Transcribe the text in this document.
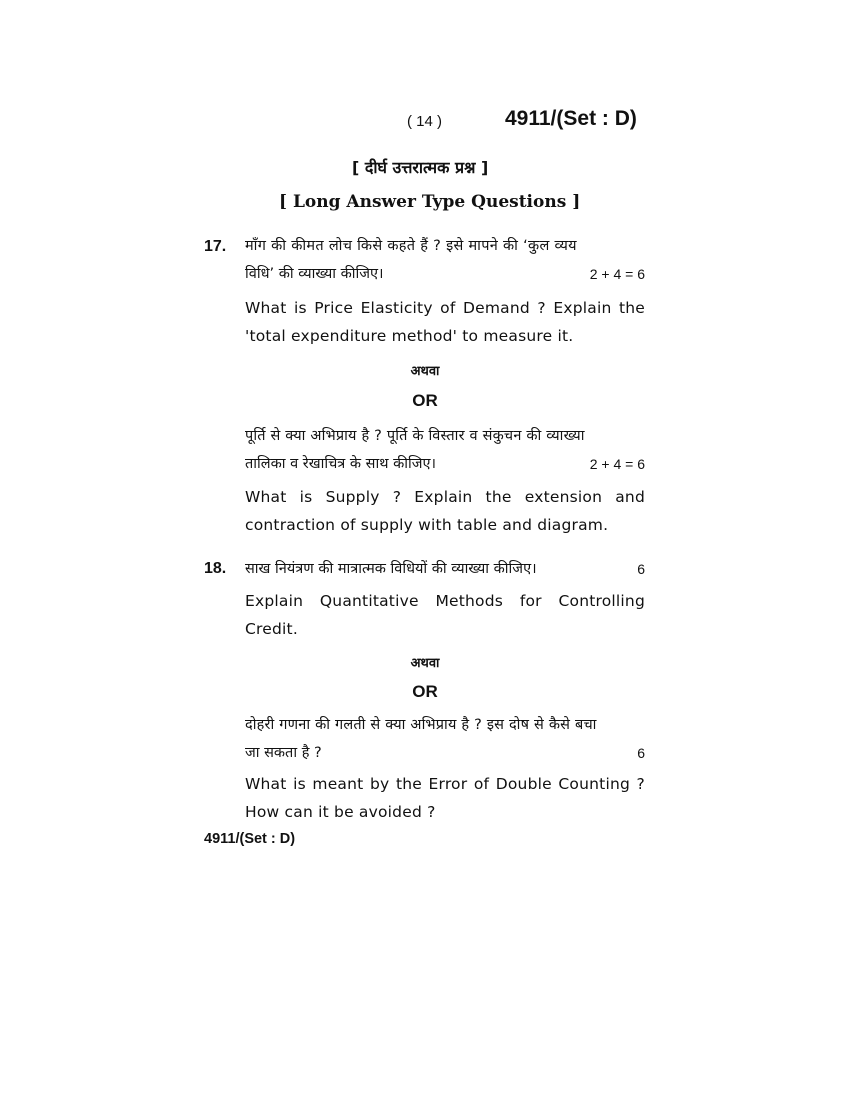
( 14 )	4911/(Set : D)
[ दीर्घ उत्तरात्मक प्रश्न ]
[ Long Answer Type Questions ]
17. माँग की कीमत लोच किसे कहते हैं ? इसे मापने की ‘कुल व्यय
विधि’ की व्याख्या कीजिए।	2 + 4 = 6
What is Price Elasticity of Demand ? Explain the 'total expenditure method' to measure it.
अथवा
OR
पूर्ति से क्या अभिप्राय है ? पूर्ति के विस्तार व संकुचन की व्याख्या
तालिका व रेखाचित्र के साथ कीजिए।	2 + 4 = 6
What is Supply ? Explain the extension and contraction of supply with table and diagram.
18. साख नियंत्रण की मात्रात्मक विधियों की व्याख्या कीजिए।	6
Explain Quantitative Methods for Controlling Credit.
अथवा
OR
दोहरी गणना की गलती से क्या अभिप्राय है ? इस दोष से कैसे बचा
जा सकता है ?	6
What is meant by the Error of Double Counting ? How can it be avoided ?
4911/(Set : D)
